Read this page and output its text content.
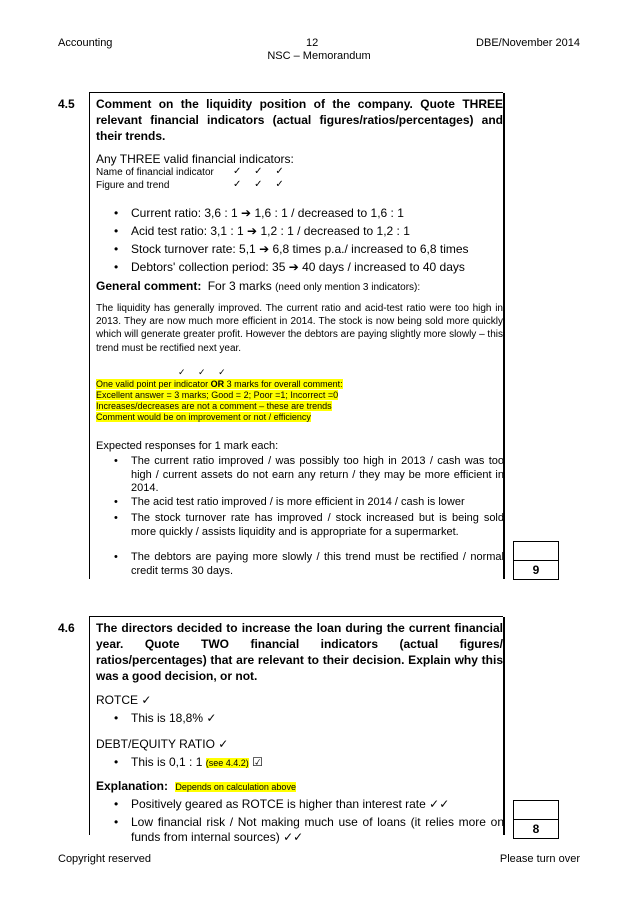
Accounting	12	DBE/November 2014
NSC – Memorandum
4.5 Comment on the liquidity position of the company. Quote THREE relevant financial indicators (actual figures/ratios/percentages) and their trends.
Any THREE valid financial indicators:
Name of financial indicator ✓ ✓ ✓
Figure and trend	✓ ✓ ✓
• Current ratio: 3,6 : 1 ➔ 1,6 : 1 / decreased to 1,6 : 1
• Acid test ratio: 3,1 : 1 ➔ 1,2 : 1 / decreased to 1,2 : 1
• Stock turnover rate: 5,1 ➔ 6,8 times p.a./ increased to 6,8 times
• Debtors' collection period: 35 ➔ 40 days / increased to 40 days
General comment: For 3 marks (need only mention 3 indicators):
The liquidity has generally improved. The current ratio and acid-test ratio were too high in 2013. They are now much more efficient in 2014. The stock is now being sold more quickly which will generate greater profit. However the debtors are paying slightly more slowly – this trend must be rectified next year.
✓ ✓ ✓
One valid point per indicator OR 3 marks for overall comment:
Excellent answer = 3 marks; Good = 2; Poor =1; Incorrect =0
Increases/decreases are not a comment – these are trends
Comment would be on improvement or not / efficiency
Expected responses for 1 mark each:
• The current ratio improved / was possibly too high in 2013 / cash was too high / current assets do not earn any return / they may be more efficient in 2014.
• The acid test ratio improved / is more efficient in 2014 / cash is lower
• The stock turnover rate has improved / stock increased but is being sold more quickly / assists liquidity and is appropriate for a supermarket.
• The debtors are paying more slowly / this trend must be rectified / normal credit terms 30 days.	9
4.6 The directors decided to increase the loan during the current financial year. Quote TWO financial indicators (actual figures/ ratios/percentages) that are relevant to their decision. Explain why this was a good decision, or not.
ROTCE ✓
• This is 18,8% ✓
DEBT/EQUITY RATIO ✓
• This is 0,1 : 1 (see 4.4.2) ☑
Explanation: Depends on calculation above
• Positively geared as ROTCE is higher than interest rate ✓✓
• Low financial risk / Not making much use of loans (it relies more on funds from internal sources) ✓✓
8
Copyright reserved	Please turn over
